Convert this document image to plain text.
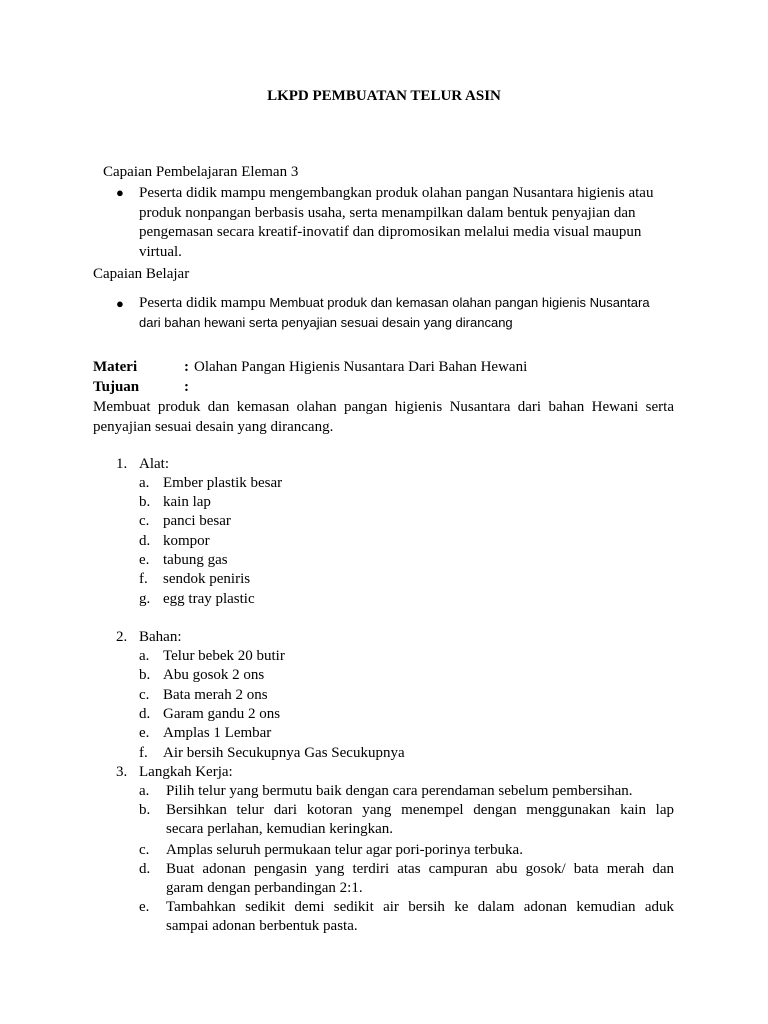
LKPD PEMBUATAN TELUR ASIN
Capaian Pembelajaran Eleman 3
● Peserta didik mampu mengembangkan produk olahan pangan Nusantara higienis atau produk nonpangan berbasis usaha, serta menampilkan dalam bentuk penyajian dan pengemasan secara kreatif-inovatif dan dipromosikan melalui media visual maupun virtual.
Capaian Belajar
● Peserta didik mampu Membuat produk dan kemasan olahan pangan higienis Nusantara
dari bahan hewani serta penyajian sesuai desain yang dirancang
Materi	: Olahan Pangan Higienis Nusantara Dari Bahan Hewani
Tujuan	:
Membuat produk dan kemasan olahan pangan higienis Nusantara dari bahan Hewani serta penyajian sesuai desain yang dirancang.
1. Alat:
a. Ember plastik besar
b. kain lap
c. panci besar
d. kompor
e. tabung gas
f. sendok peniris
g. egg tray plastic
2. Bahan:
a. Telur bebek 20 butir
b. Abu gosok 2 ons
c. Bata merah 2 ons
d. Garam gandu 2 ons
e. Amplas 1 Lembar
f. Air bersih Secukupnya Gas Secukupnya
3. Langkah Kerja:
a. Pilih telur yang bermutu baik dengan cara perendaman sebelum pembersihan.
b. Bersihkan telur dari kotoran yang menempel dengan menggunakan kain lap
secara perlahan, kemudian keringkan.
c. Amplas seluruh permukaan telur agar pori-porinya terbuka.
d. Buat adonan pengasin yang terdiri atas campuran abu gosok/ bata merah dan
garam dengan perbandingan 2:1.
e. Tambahkan sedikit demi sedikit air bersih ke dalam adonan kemudian aduk
sampai adonan berbentuk pasta.
